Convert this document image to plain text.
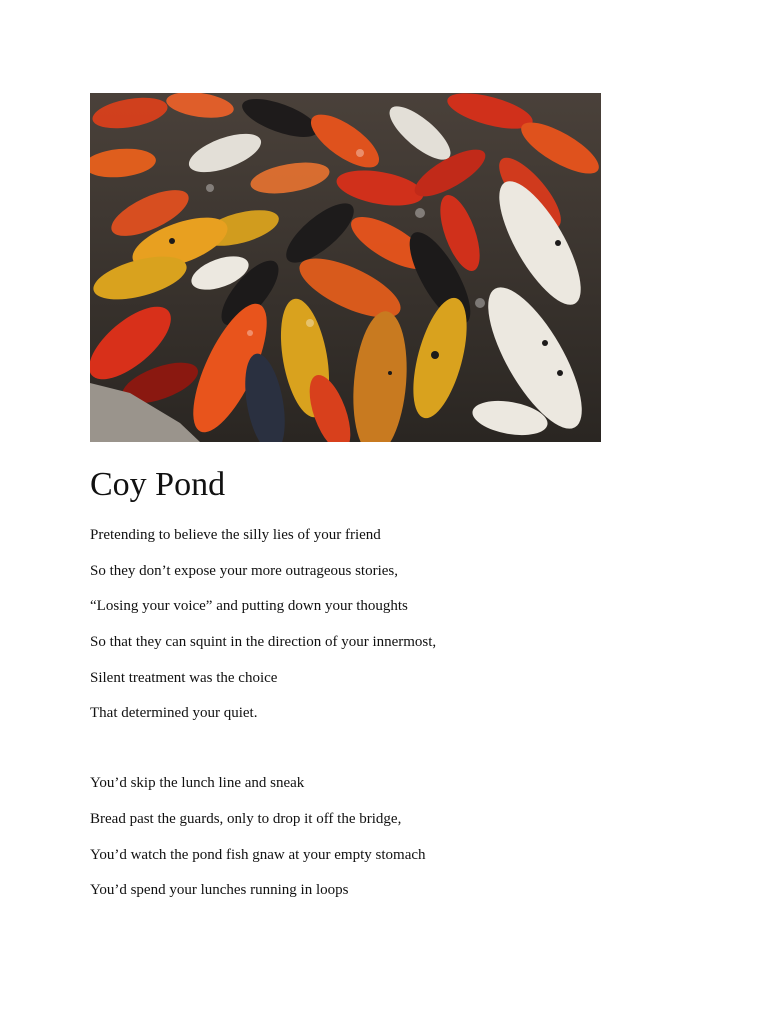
Coy Pond

Pretending to believe the silly lies of your friend

So they don’t expose your more outrageous stories,

“Losing your voice” and putting down your thoughts

So that they can squint in the direction of your innermost,

Silent treatment was the choice

That determined your quiet.

You’d skip the lunch line and sneak

Bread past the guards, only to drop it off the bridge,

You’d watch the pond fish gnaw at your empty stomach

You’d spend your lunches running in loops
